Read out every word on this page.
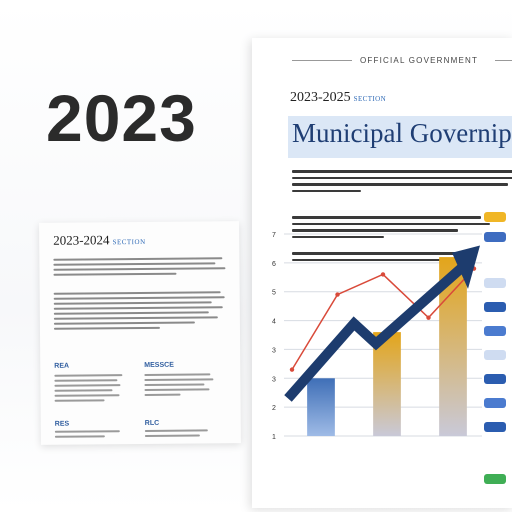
2023
2023-2024 SECTION
REA	MESSCE
RES	RLC
OFFICIAL GOVERNMENT
2023-2025 SECTION
Municipal Governip
1
2
3
3
4
5
6
7
